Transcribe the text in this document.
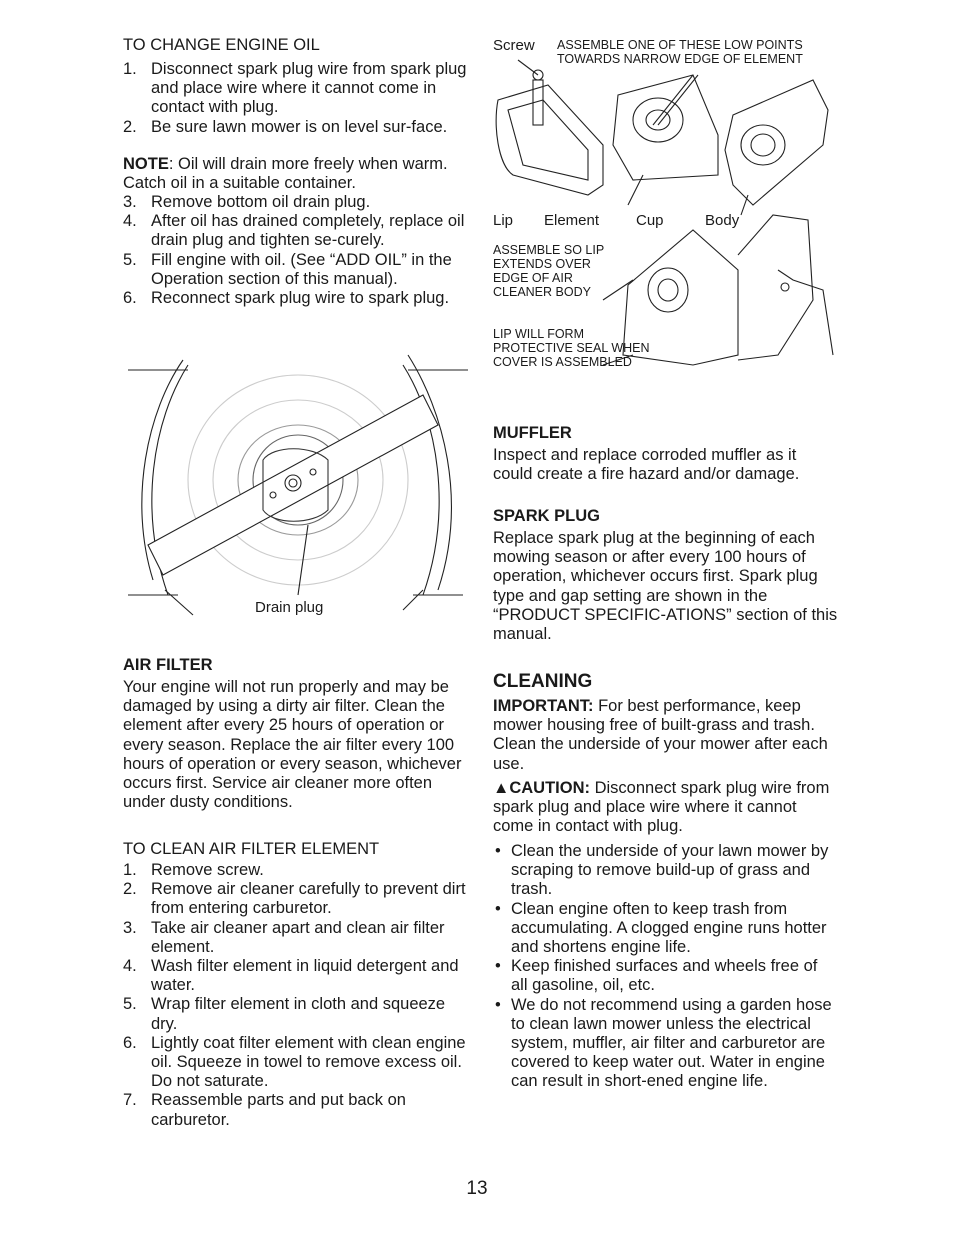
TO CHANGE ENGINE OIL

1. Disconnect spark plug wire from spark plug and place wire where it cannot come in contact with plug.
2. Be sure lawn mower is on level sur-face.

NOTE: Oil will drain more freely when warm. Catch oil in a suitable container.

3. Remove bottom oil drain plug.
4. After oil has drained completely, replace oil drain plug and tighten se-curely.
5. Fill engine with oil. (See “ADD OIL” in the Operation section of this manual).
6. Reconnect spark plug wire to spark plug.
Drain plug

AIR FILTER

Your engine will not run properly and may be damaged by using a dirty air filter. Clean the element after every 25 hours of operation or every season. Replace the air filter every 100 hours of operation or every season, whichever occurs first. Service air cleaner more often under dusty conditions.

TO CLEAN AIR FILTER ELEMENT

1. Remove screw.
2. Remove air cleaner carefully to prevent dirt from entering carburetor.
3. Take air cleaner apart and clean air filter element.
4. Wash filter element in liquid detergent and water.
5. Wrap filter element in cloth and squeeze dry.
6. Lightly coat filter element with clean engine oil. Squeeze in towel to remove excess oil. Do not saturate.
7. Reassemble parts and put back on carburetor.
Screw ASSEMBLE ONE OF THESE LOW POINTS TOWARDS NARROW EDGE OF ELEMENT

Lip Element Cup	Body

ASSEMBLE SO LIP EXTENDS OVER EDGE OF AIR CLEANER BODY

LIP WILL FORM PROTECTIVE SEAL WHEN COVER IS ASSEMBLED

MUFFLER

Inspect and replace corroded muffler as it could create a fire hazard and/or damage.

SPARK PLUG

Replace spark plug at the beginning of each mowing season or after every 100 hours of operation, whichever occurs first. Spark plug type and gap setting are shown in the “PRODUCT SPECIFIC-ATIONS” section of this manual.

CLEANING

IMPORTANT: For best performance, keep mower housing free of built-grass and trash. Clean the underside of your mower after each use.

▲CAUTION: Disconnect spark plug wire from spark plug and place wire where it cannot come in contact with plug.

• Clean the underside of your lawn mower by scraping to remove build-up of grass and trash.
• Clean engine often to keep trash from accumulating. A clogged engine runs hotter and shortens engine life.
• Keep finished surfaces and wheels free of all gasoline, oil, etc.
• We do not recommend using a garden hose to clean lawn mower unless the electrical system, muffler, air filter and carburetor are covered to keep water out. Water in engine can result in short-ened engine life.
13
